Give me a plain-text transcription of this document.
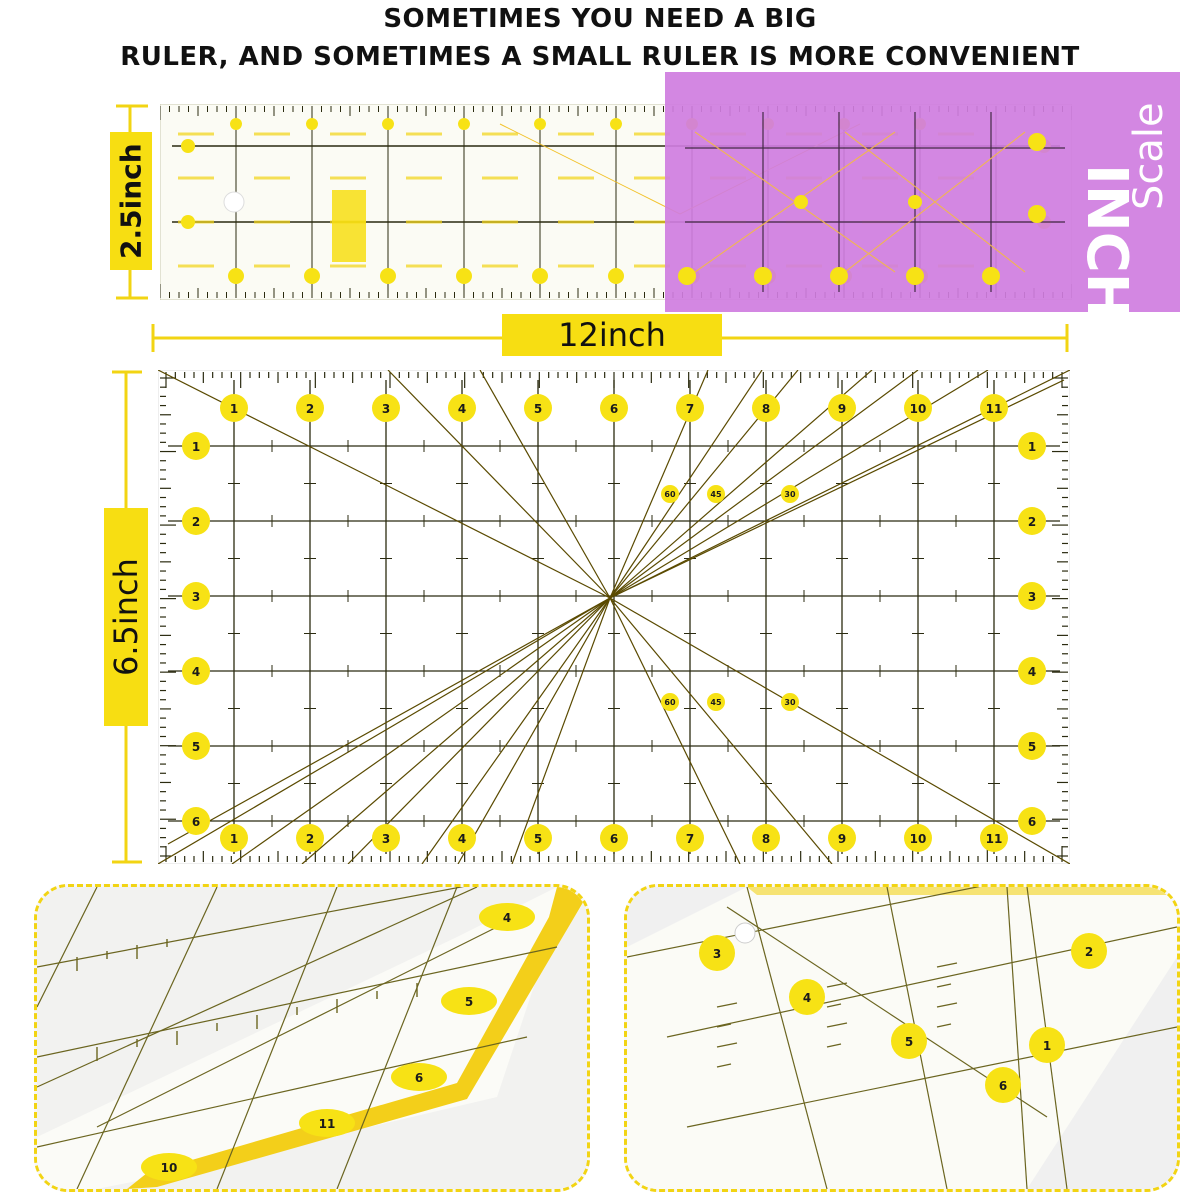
SOMETIMES YOU NEED A BIG
RULER, AND SOMETIMES A SMALL RULER IS MORE CONVENIENT
2.5inch	Scale
INCH
12inch
6.5inch
60	45	30
60	45	30
1
1
2
2
3
3
4
4
5
5
6
6
7
7
8
8
9
9
10
10
11
11
1	1
2	2
3	3
4	4
5	5
6	6
4
5
6
11
10
3
4
5
6
2
1
